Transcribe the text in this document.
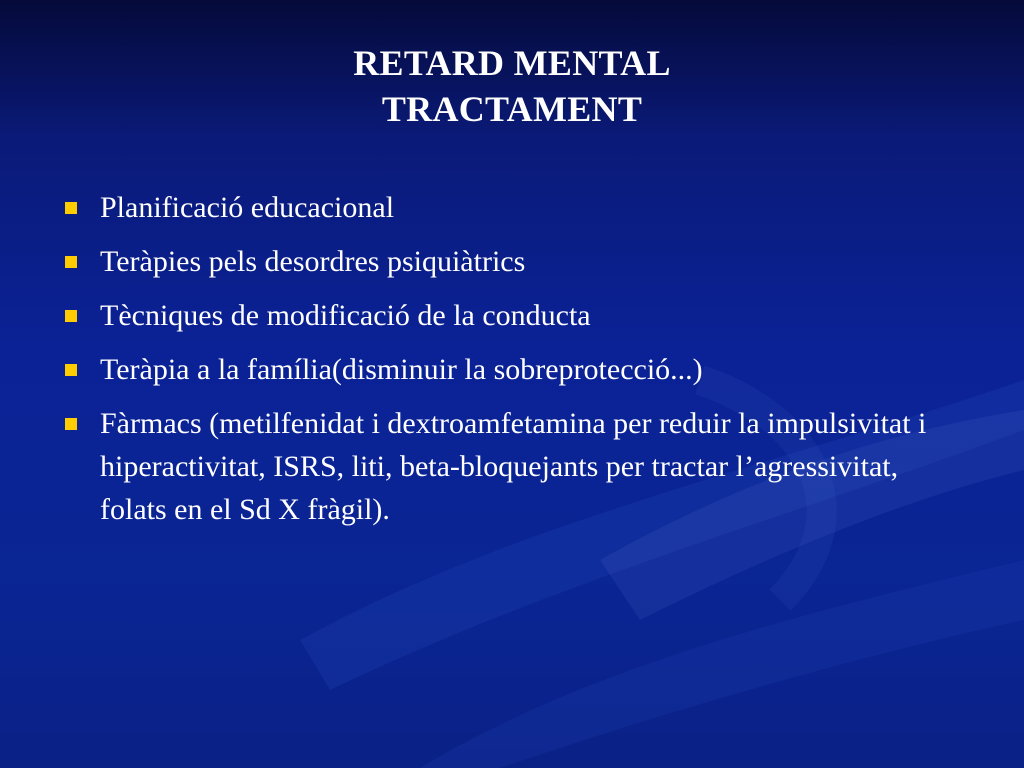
RETARD MENTAL
TRACTAMENT
Planificació educacional
Teràpies pels desordres psiquiàtrics
Tècniques de modificació de la conducta
Teràpia a la família(disminuir la sobreprotecció...)
Fàrmacs (metilfenidat i dextroamfetamina per reduir la impulsivitat i hiperactivitat, ISRS, liti, beta-bloquejants per tractar l’agressivitat, folats en el Sd X fràgil).
